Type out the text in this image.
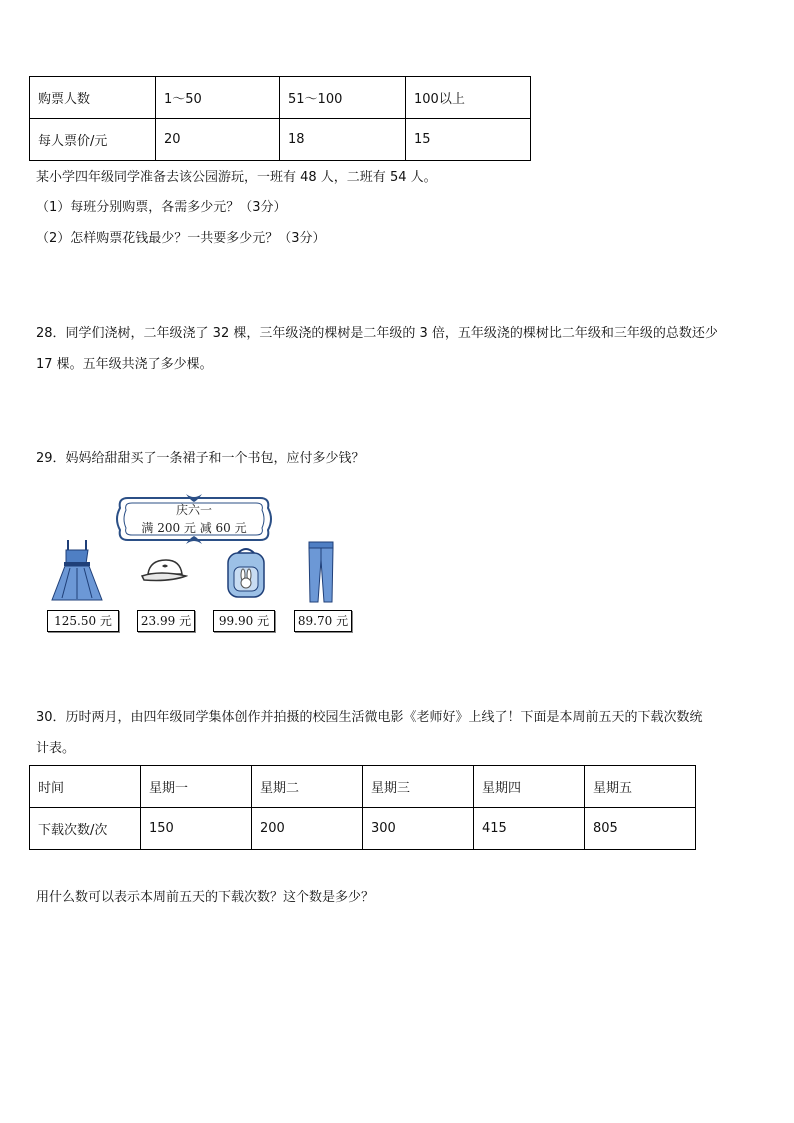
购票人数	1～50	51～100	100以上
每人票价/元	20	18	15
某小学四年级同学准备去该公园游玩，一班有 48 人，二班有 54 人。
（1）每班分别购票，各需多少元？（3分）
（2）怎样购票花钱最少？一共要多少元？（3分）
28．同学们浇树，二年级浇了 32 棵，三年级浇的棵树是二年级的 3 倍，五年级浇的棵树比二年级和三年级的总数还少
17 棵。五年级共浇了多少棵。
29．妈妈给甜甜买了一条裙子和一个书包，应付多少钱？
庆六一
满 200 元 减 60 元
125.50 元	23.99 元	99.90 元	89.70 元
30．历时两月，由四年级同学集体创作并拍摄的校园生活微电影《老师好》上线了！下面是本周前五天的下载次数统
计表。
时间	星期一	星期二	星期三	星期四	星期五
下载次数/次	150	200	300	415	805
用什么数可以表示本周前五天的下载次数？这个数是多少？
